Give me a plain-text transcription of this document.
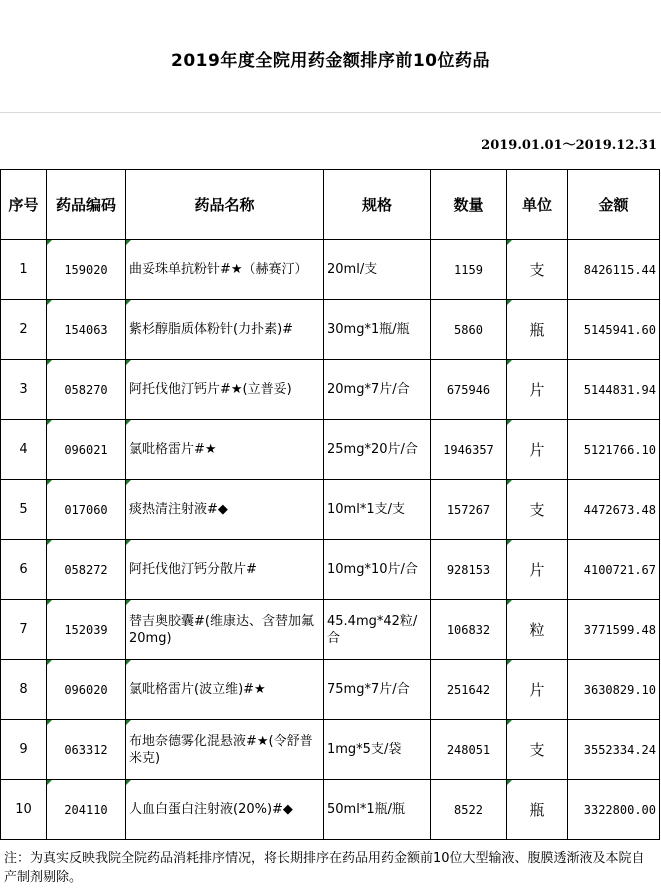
2019年度全院用药金额排序前10位药品
2019.01.01～2019.12.31
序号	药品编码	药品名称	规格	数量	单位	金额
1	159020	曲妥珠单抗粉针#★（赫赛汀）	20ml/支	1159	支	8426115.44
2	154063	紫杉醇脂质体粉针(力扑素)#	30mg*1瓶/瓶	5860	瓶	5145941.60
3	058270	阿托伐他汀钙片#★(立普妥)	20mg*7片/合	675946	片	5144831.94
4	096021	氯吡格雷片#★	25mg*20片/合	1946357	片	5121766.10
5	017060	痰热清注射液#◆	10ml*1支/支	157267	支	4472673.48
6	058272	阿托伐他汀钙分散片#	10mg*10片/合	928153	片	4100721.67
7	152039	替吉奥胶囊#(维康达、含替加氟20mg)	45.4mg*42粒/合	106832	粒	3771599.48
8	096020	氯吡格雷片(波立维)#★	75mg*7片/合	251642	片	3630829.10
9	063312	布地奈德雾化混悬液#★(令舒普米克)	1mg*5支/袋	248051	支	3552334.24
10	204110	人血白蛋白注射液(20%)#◆	50ml*1瓶/瓶	8522	瓶	3322800.00
注：为真实反映我院全院药品消耗排序情况，将长期排序在药品用药金额前10位大型输液、腹膜透渐液及本院自产制剂剔除。
